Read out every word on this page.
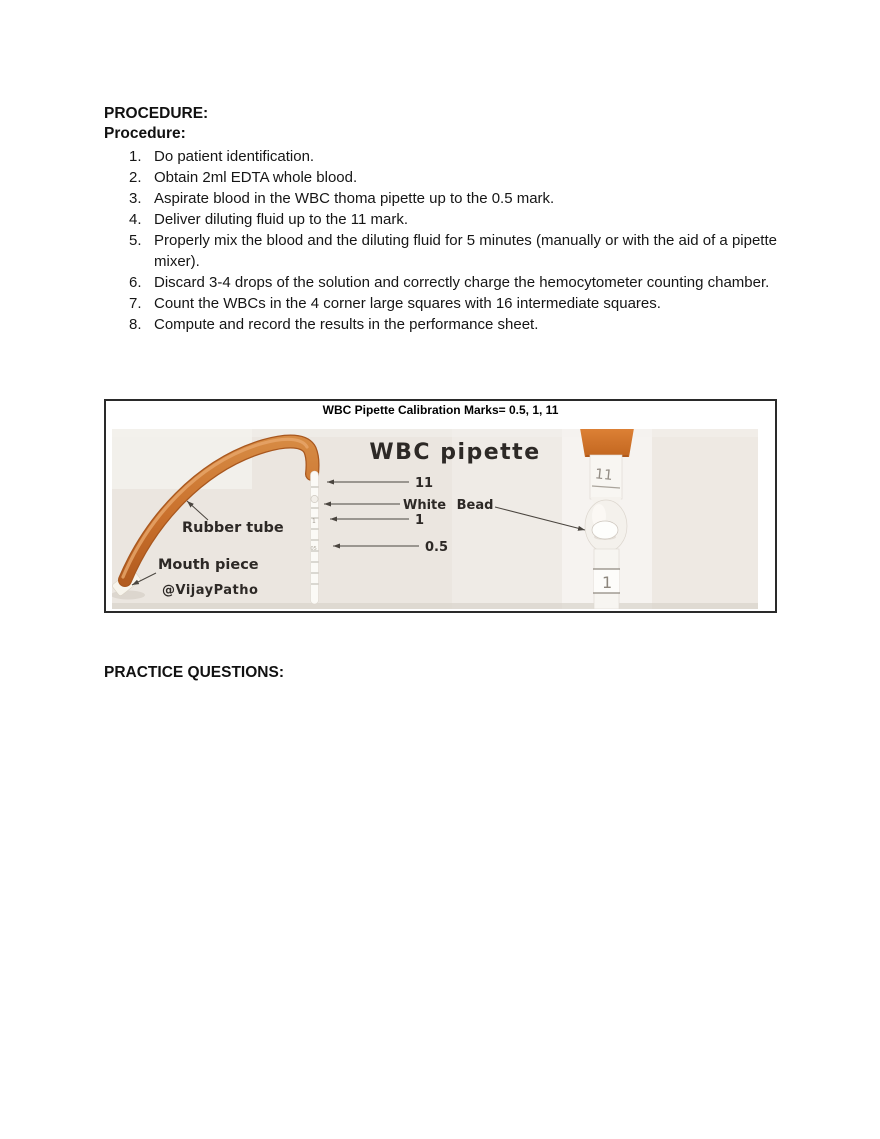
PROCEDURE:
Procedure:
1. Do patient identification.
2. Obtain 2ml EDTA whole blood.
3. Aspirate blood in the WBC thoma pipette up to the 0.5 mark.
4. Deliver diluting fluid up to the 11 mark.
5. Properly mix the blood and the diluting fluid for 5 minutes (manually or with the aid of a pipette mixer).
6. Discard 3-4 drops of the solution and correctly charge the hemocytometer counting chamber.
7. Count the WBCs in the 4 corner large squares with 16 intermediate squares.
8. Compute and record the results in the performance sheet.
WBC Pipette Calibration Marks= 0.5, 1, 11
@VijayPatho
WBC pipette
1
05
11
White Bead
1
0.5
Rubber tube
Mouth piece
11
1
PRACTICE QUESTIONS:
